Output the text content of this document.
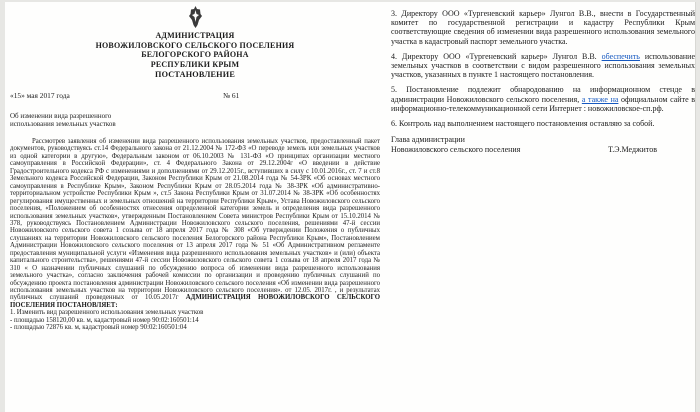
АДМИНИСТРАЦИЯ
НОВОЖИЛОВСКОГО СЕЛЬСКОГО ПОСЕЛЕНИЯ
БЕЛОГОРСКОГО РАЙОНА
РЕСПУБЛИКИ КРЫМ
ПОСТАНОВЛЕНИЕ
«15» мая 2017 года	№ 61
Об изменении вида разрешенного
использования земельных участков

Рассмотрев заявления об изменении вида разрешенного использования земельных участков, предоставленный пакет документов, руководствуясь ст.14 Федерального закона от 21.12.2004 № 172-ФЗ «О переводе земель или земельных участков из одной категории в другую», Федеральным законом от 06.10.2003 № 131-ФЗ «О принципах организации местного самоуправления в Российской Федерации», ст. 4 Федерального Закона от 29.12.2004г «О введении в действие Градостроительного кодекса РФ с изменениями и дополнениями от 29.12.2015г., вступивших в силу с 10.01.2016г., ст. 7 и ст.8 Земельного кодекса Российской Федерации, Законом Республики Крым от 21.08.2014 года № 54-ЗРК «Об основах местного самоуправления в Республике Крым», Законом Республики Крым от 28.05.2014 года № 38-ЗРК «Об административно-территориальном устройстве Республики Крым », ст.5 Закона Республики Крым от 31.07.2014 № 38-ЗРК «Об особенностях регулирования имущественных и земельных отношений на территории Республики Крым», Устава Новожиловского сельского поселения, «Положением об особенностях отнесения определенной категории земель и определения вида разрешенного использования земельных участков», утвержденным Постановлением Совета министров Республики Крым от 15.10.2014 № 378, руководствуясь Постановлением Администрации Новожиловского сельского поселения, решениями 47-й сессии Новожиловского сельского совета 1 созыва от 18 апреля 2017 года № 308 «Об утверждении Положения о публичных слушаниях на территории Новожиловского сельского поселения Белогорского района Республики Крым», Постановлением Администрации Новожиловского сельского поселения от 13 апреля 2017 года № 51 «Об Административном регламенте предоставления муниципальной услуги «Изменения вида разрешенного использования земельных участков» и (или) объекта капитального строительства», решениями 47-й сессии Новожиловского сельского совета 1 созыва от 18 апреля 2017 года № 310 « О назначении публичных слушаний по обсуждению вопроса об изменении вида разрешенного использования земельного участка», согласно заключения рабочей комиссии по организации и проведению публичных слушаний по обсуждению проекта постановления администрации Новожиловского сельского поселения «Об изменении вида разрешенного использования земельных участков на территории Новожиловского сельского поселения». от 12.05. 2017г. , и результатах публичных слушаний проведенных от 10.05.2017г АДМИНИСТРАЦИЯ НОВОЖИЛОВСКОГО СЕЛЬСКОГО ПОСЕЛЕНИЯ ПОСТАНОВЛЯЕТ:

1. Изменить вид разрешенного использования земельных участков
- площадью 158120,00 кв. м, кадастровый номер 90:02:160501:14
- площадью 72876 кв. м, кадастровый номер 90:02:160501:04

3. Директору ООО «Тургеневский карьер» Лунгол В.В., внести в Государственный комитет по государственной регистрации и кадастру Республики Крым соответствующие сведения об изменении вида разрешенного использования земельного участка в кадастровый паспорт земельного участка.

4. Директору ООО «Тургеневский карьер» Лунгол В.В. обеспечить использование земельных участков в соответствии с видом разрешенного использования земельных участков, указанных в пункте 1 настоящего постановления.

5. Постановление подлежит обнародованию на информационном стенде в администрации Новожиловского сельского поселения, а также на официальном сайте в информационно-телекоммуникационной сети Интернет : новожиловское-сп.рф.

6. Контроль над выполнением настоящего постановления оставляю за собой.

Глава администрации
Новожиловского сельского поселения	Т.Э.Меджитов
